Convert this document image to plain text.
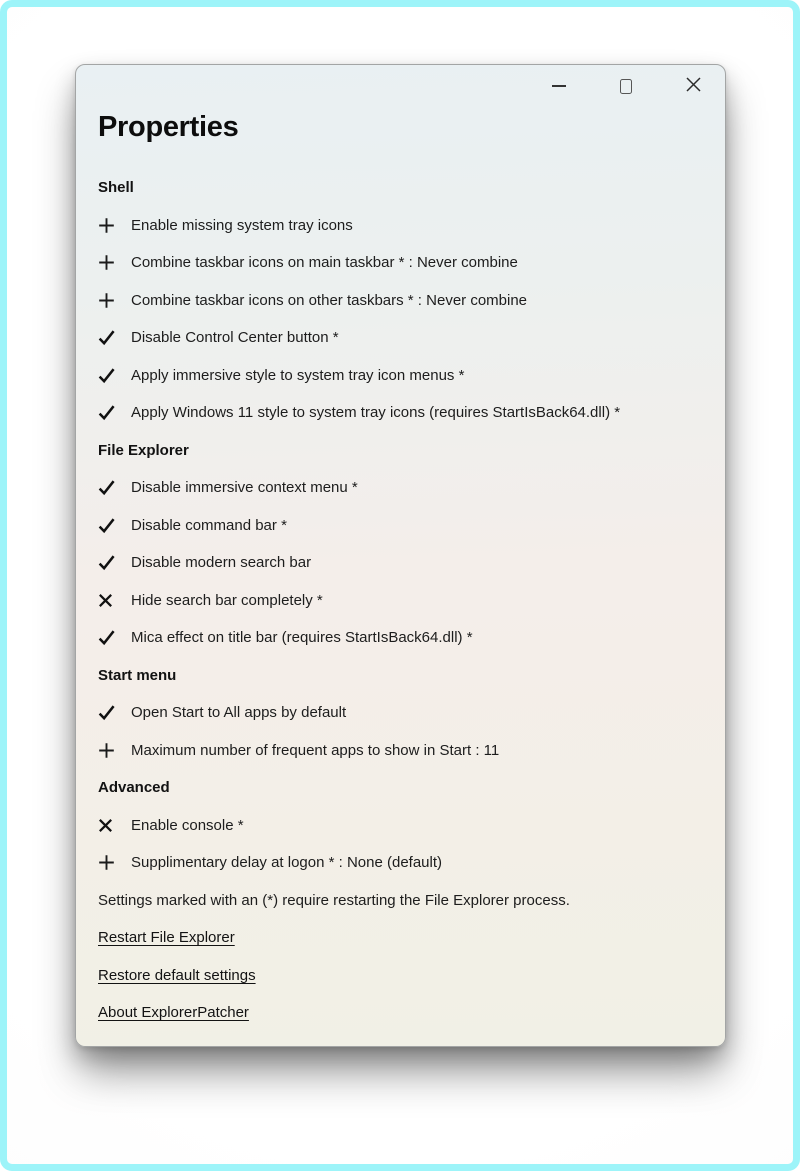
Properties
Shell
Enable missing system tray icons
Combine taskbar icons on main taskbar * : Never combine
Combine taskbar icons on other taskbars * : Never combine
Disable Control Center button *
Apply immersive style to system tray icon menus *
Apply Windows 11 style to system tray icons (requires StartIsBack64.dll) *
File Explorer
Disable immersive context menu *
Disable command bar *
Disable modern search bar
Hide search bar completely *
Mica effect on title bar (requires StartIsBack64.dll) *
Start menu
Open Start to All apps by default
Maximum number of frequent apps to show in Start : 11
Advanced
Enable console *
Supplimentary delay at logon * : None (default)
Settings marked with an (*) require restarting the File Explorer process.
Restart File Explorer
Restore default settings
About ExplorerPatcher
